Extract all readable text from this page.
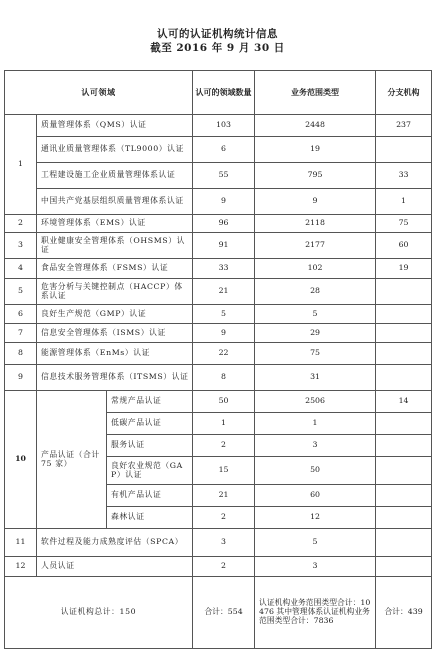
认可的认证机构统计信息
截至 2016 年 9 月 30 日
认可领域			认可的领域数量	业务范围类型	分支机构
1	质量管理体系（QMS）认证		103	2448	237
	通讯业质量管理体系（TL9000）认证		6	19	
	工程建设施工企业质量管理体系认证		55	795	33
	中国共产党基层组织质量管理体系认证		9	9	1
2	环境管理体系（EMS）认证		96	2118	75
3	职业健康安全管理体系（OHSMS）认证		91	2177	60
4	食品安全管理体系（FSMS）认证		33	102	19
5	危害分析与关键控制点（HACCP）体系认证		21	28	
6	良好生产规范（GMP）认证		5	5	
7	信息安全管理体系（ISMS）认证		9	29	
8	能源管理体系（EnMs）认证		22	75	
9	信息技术服务管理体系（ITSMS）认证		8	31	
10	产品认证（合计 75 家）	常规产品认证	50	2506	14
		低碳产品认证	1	1	
		服务认证	2	3	
		良好农业规范（GAP）认证	15	50	
		有机产品认证	21	60	
		森林认证	2	12	
11	软件过程及能力成熟度评估（SPCA）		3	5	
12	人员认证		2	3	
认证机构总计：150			合计：554	认证机构业务范围类型合计：10476 其中管理体系认证机构业务范围类型合计：7836	合计：439
